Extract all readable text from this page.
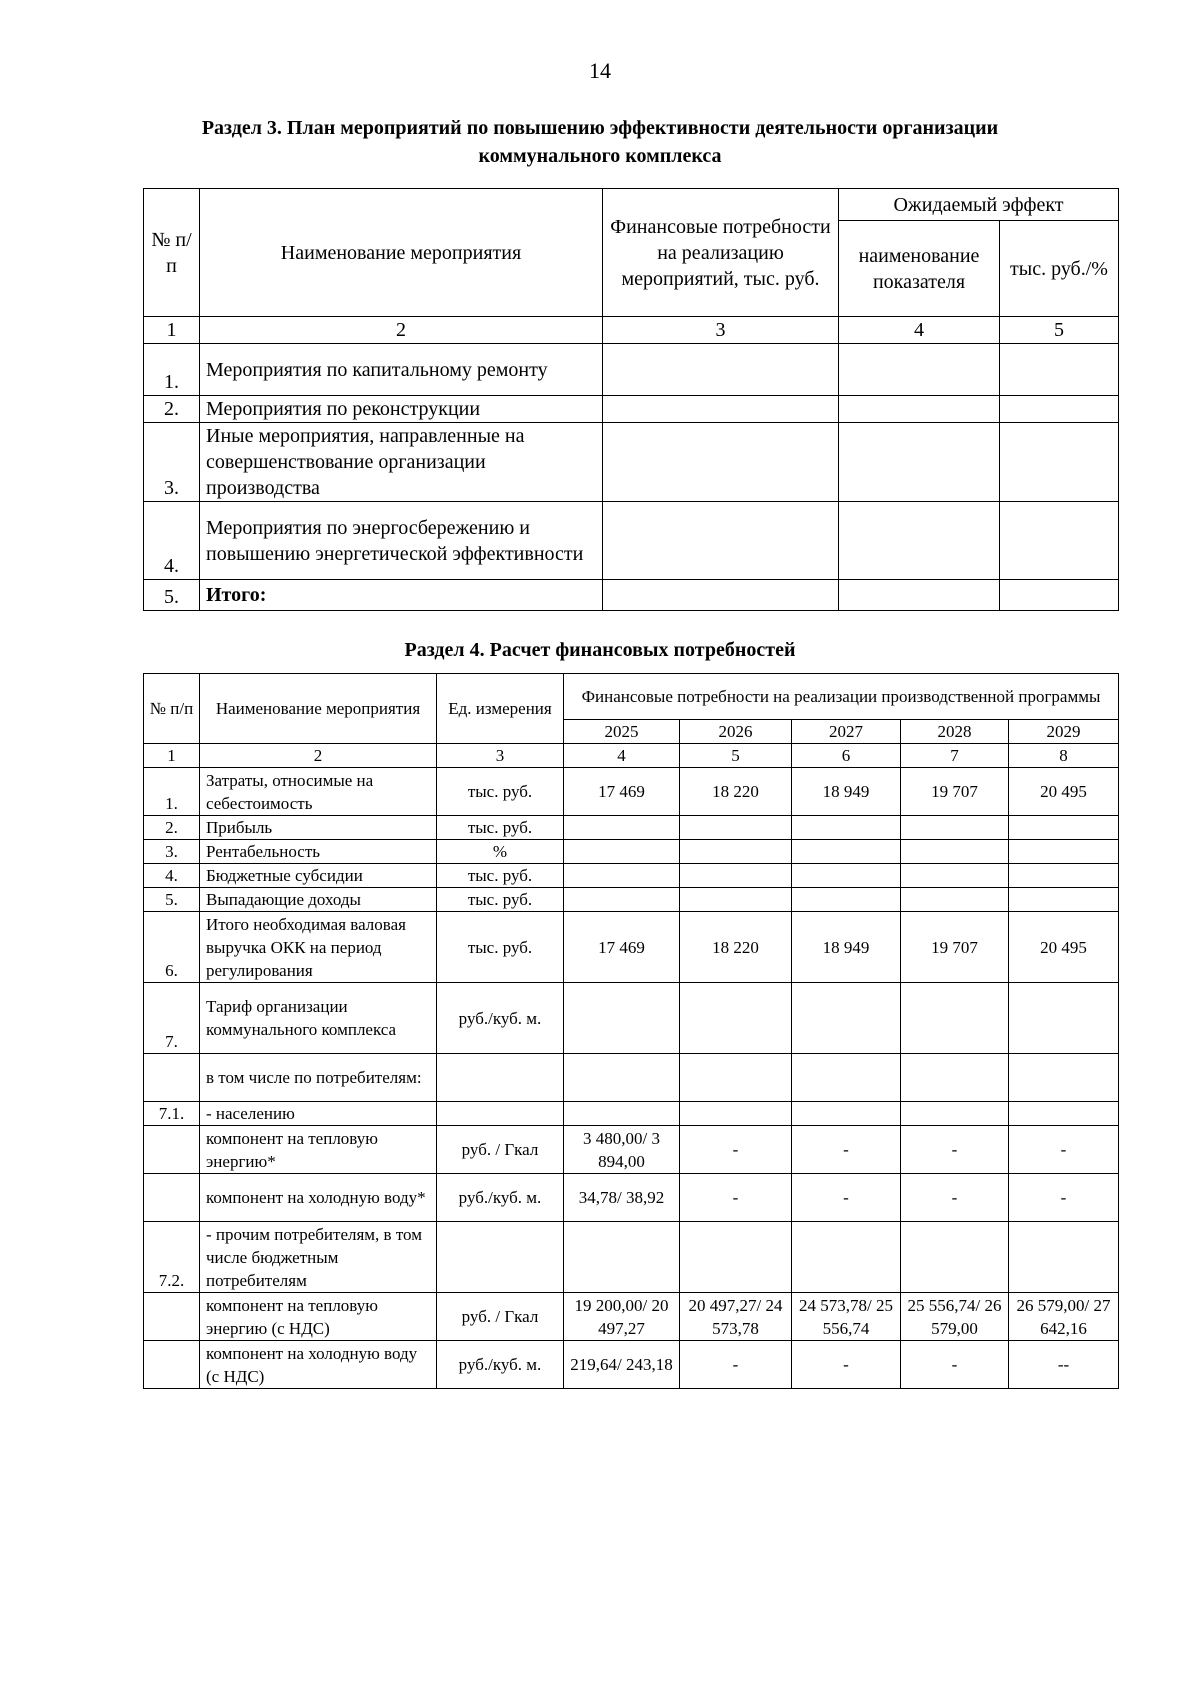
14
Раздел 3. План мероприятий по повышению эффективности деятельности организации
коммунального комплекса
№ п/п	Наименование мероприятия	Финансовые потребности на реализацию мероприятий, тыс. руб.	Ожидаемый эффект	
			наименование показателя	тыс. руб./%
1	2	3	4	5
1.	Мероприятия по капитальному ремонту			
2.	Мероприятия по реконструкции			
3.	Иные мероприятия, направленные на совершенствование организации производства			
4.	Мероприятия по энергосбережению и повышению энергетической эффективности			
5.	Итого:			
Раздел 4. Расчет финансовых потребностей
№ п/п	Наименование мероприятия	Ед. измерения	Финансовые потребности на реализации производственной программы				
			2025	2026	2027	2028	2029
1	2	3	4	5	6	7	8
1.	Затраты, относимые на себестоимость	тыс. руб.	17 469	18 220	18 949	19 707	20 495
2.	Прибыль	тыс. руб.					
3.	Рентабельность	%					
4.	Бюджетные субсидии	тыс. руб.					
5.	Выпадающие доходы	тыс. руб.					
6.	Итого необходимая валовая выручка ОКК на период регулирования	тыс. руб.	17 469	18 220	18 949	19 707	20 495
7.	Тариф организации коммунального комплекса	руб./куб. м.					
	в том числе по потребителям:						
7.1.	- населению						
	компонент на тепловую энергию*	руб. / Гкал	3 480,00/ 3 894,00	-	-	-	-
	компонент на холодную воду*	руб./куб. м.	34,78/ 38,92	-	-	-	-
7.2.	- прочим потребителям, в том числе бюджетным потребителям						
	компонент на тепловую энергию (с НДС)	руб. / Гкал	19 200,00/ 20 497,27	20 497,27/ 24 573,78	24 573,78/ 25 556,74	25 556,74/ 26 579,00	26 579,00/ 27 642,16
	компонент на холодную воду (с НДС)	руб./куб. м.	219,64/ 243,18	-	-	-	--
